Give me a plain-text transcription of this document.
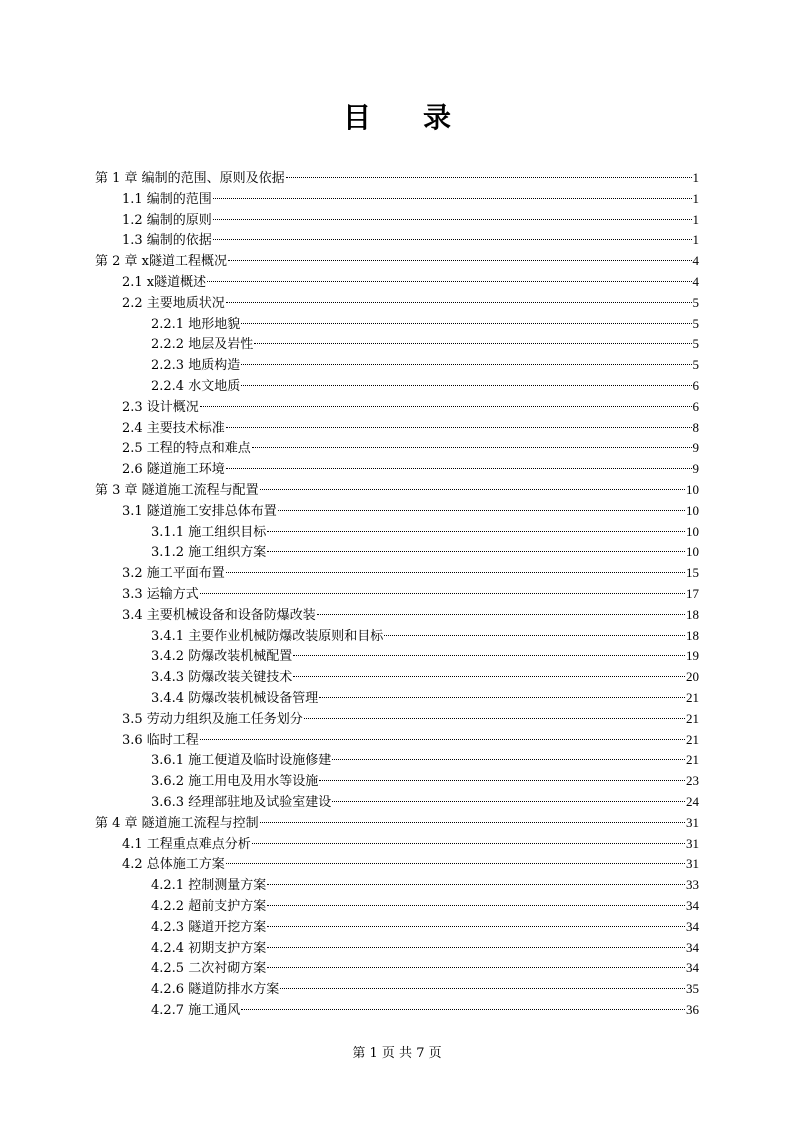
目 录
第 1 章 编制的范围、原则及依据	1
1.1 编制的范围	1
1.2 编制的原则	1
1.3 编制的依据	1
第 2 章 x隧道工程概况	4
2.1 x隧道概述	4
2.2 主要地质状况	5
2.2.1 地形地貌	5
2.2.2 地层及岩性	5
2.2.3 地质构造	5
2.2.4 水文地质	6
2.3 设计概况	6
2.4 主要技术标准	8
2.5 工程的特点和难点	9
2.6 隧道施工环境	9
第 3 章 隧道施工流程与配置	10
3.1 隧道施工安排总体布置	10
3.1.1 施工组织目标	10
3.1.2 施工组织方案	10
3.2 施工平面布置	15
3.3 运输方式	17
3.4 主要机械设备和设备防爆改装	18
3.4.1 主要作业机械防爆改装原则和目标	18
3.4.2 防爆改装机械配置	19
3.4.3 防爆改装关键技术	20
3.4.4 防爆改装机械设备管理	21
3.5 劳动力组织及施工任务划分	21
3.6 临时工程	21
3.6.1 施工便道及临时设施修建	21
3.6.2 施工用电及用水等设施	23
3.6.3 经理部驻地及试验室建设	24
第 4 章 隧道施工流程与控制	31
4.1 工程重点难点分析	31
4.2 总体施工方案	31
4.2.1 控制测量方案	33
4.2.2 超前支护方案	34
4.2.3 隧道开挖方案	34
4.2.4 初期支护方案	34
4.2.5 二次衬砌方案	34
4.2.6 隧道防排水方案	35
4.2.7 施工通风	36
第 1 页 共 7 页
